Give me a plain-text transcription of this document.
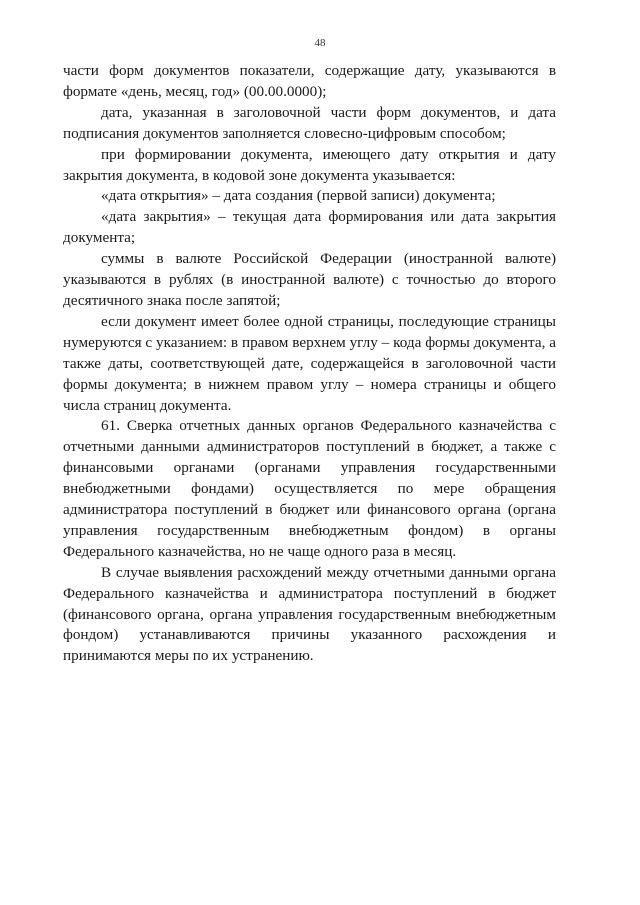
48

части форм документов показатели, содержащие дату, указываются в формате «день, месяц, год» (00.00.0000);

дата, указанная в заголовочной части форм документов, и дата подписания документов заполняется словесно-цифровым способом;

при формировании документа, имеющего дату открытия и дату закрытия документа, в кодовой зоне документа указывается:

«дата открытия» – дата создания (первой записи) документа;

«дата закрытия» – текущая дата формирования или дата закрытия документа;

суммы в валюте Российской Федерации (иностранной валюте) указываются в рублях (в иностранной валюте) с точностью до второго десятичного знака после запятой;

если документ имеет более одной страницы, последующие страницы нумеруются с указанием: в правом верхнем углу – кода формы документа, а также даты, соответствующей дате, содержащейся в заголовочной части формы документа; в нижнем правом углу – номера страницы и общего числа страниц документа.

61. Сверка отчетных данных органов Федерального казначейства с отчетными данными администраторов поступлений в бюджет, а также с финансовыми органами (органами управления государственными внебюджетными фондами) осуществляется по мере обращения администратора поступлений в бюджет или финансового органа (органа управления государственным внебюджетным фондом) в органы Федерального казначейства, но не чаще одного раза в месяц.

В случае выявления расхождений между отчетными данными органа Федерального казначейства и администратора поступлений в бюджет (финансового органа, органа управления государственным внебюджетным фондом) устанавливаются причины указанного расхождения и принимаются меры по их устранению.
